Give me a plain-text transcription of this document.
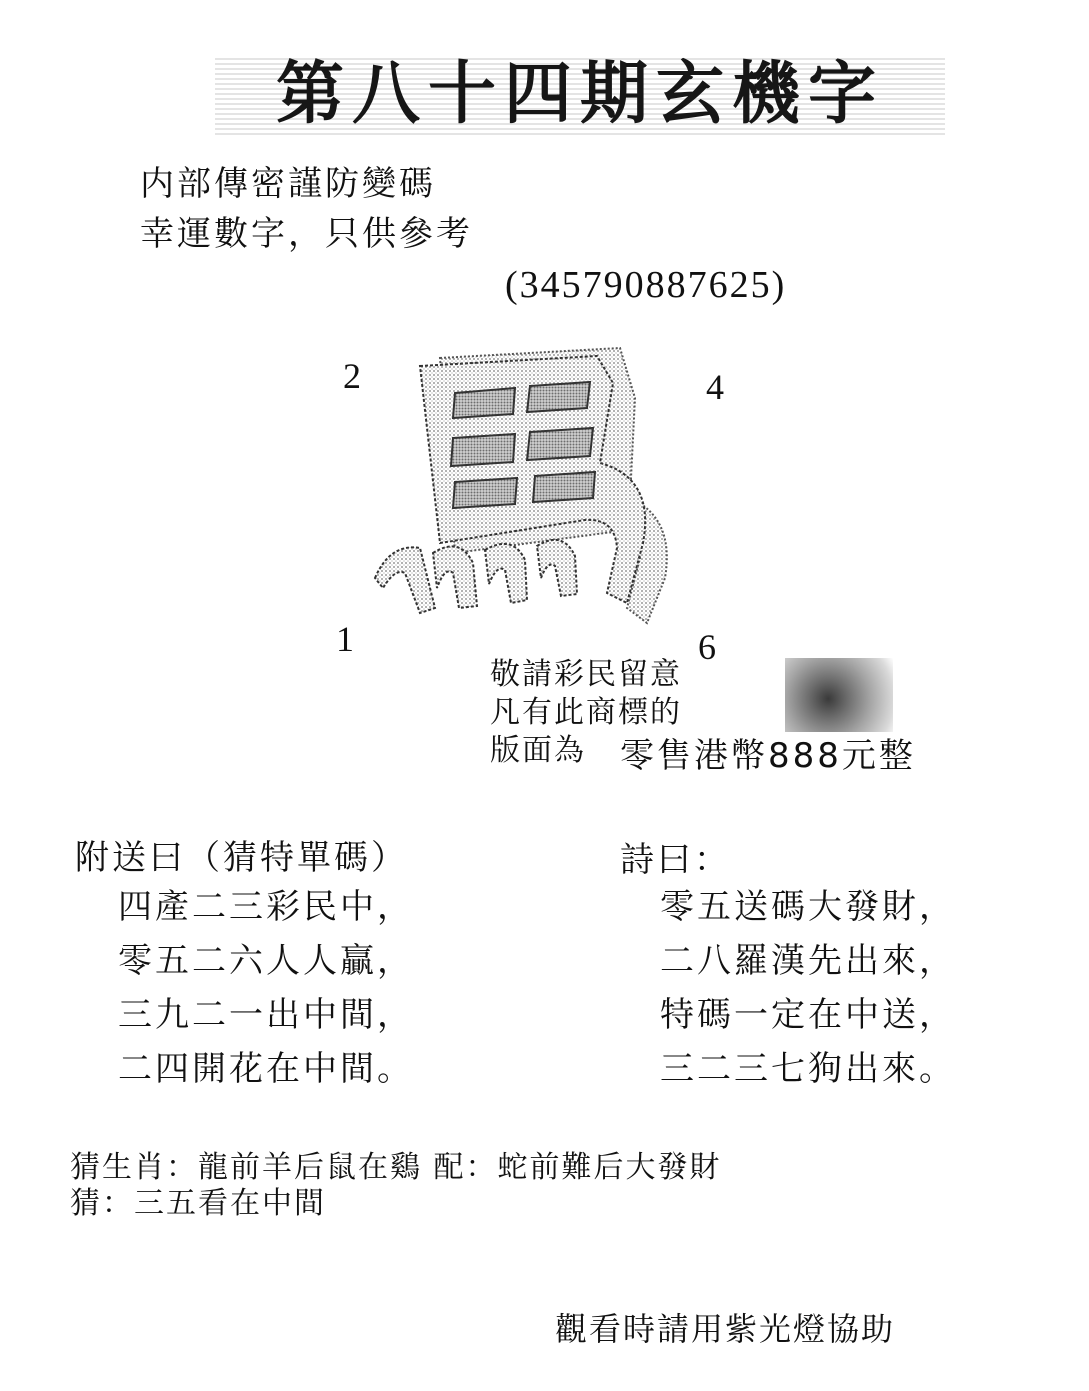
第八十四期玄機字
内部傳密謹防變碼
幸運數字，只供參考
(345790887625)
2	4
1	6
敬請彩民留意
凡有此商標的
版面為	零售港幣888元整
附送曰（猜特單碼）
四產二三彩民中，
零五二六人人贏，
三九二一出中間，
二四開花在中間。
詩曰：
零五送碼大發財，
二八羅漢先出來，
特碼一定在中送，
三二三七狗出來。
猜生肖：龍前羊后鼠在鷄 配：蛇前難后大發財
猜：三五看在中間
觀看時請用紫光燈協助
